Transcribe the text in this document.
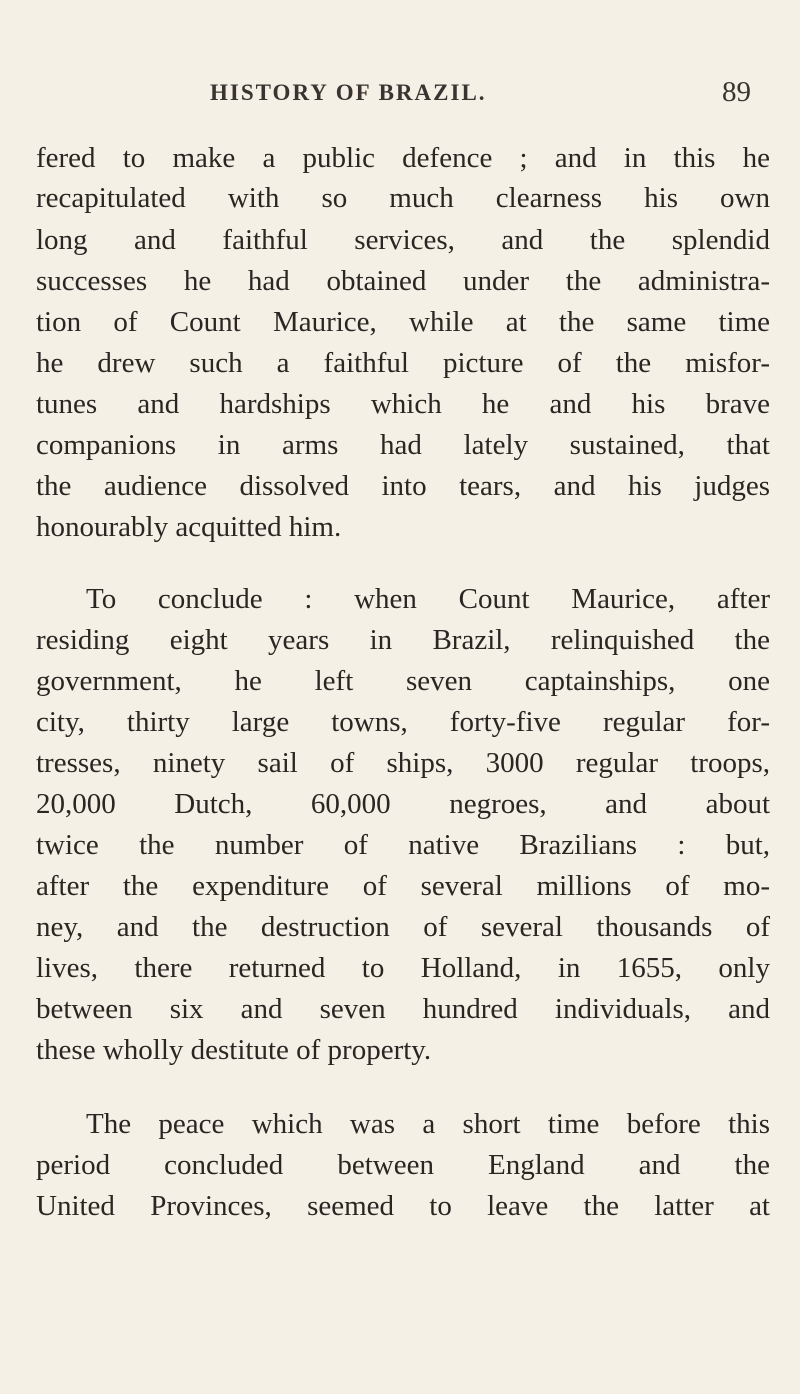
HISTORY OF BRAZIL.	89
fered to make a public defence ; and in this he
recapitulated with so much clearness his own
long and faithful services, and the splendid
successes he had obtained under the administra-
tion of Count Maurice, while at the same time
he drew such a faithful picture of the misfor-
tunes and hardships which he and his brave
companions in arms had lately sustained, that
the audience dissolved into tears, and his judges
honourably acquitted him.
To conclude : when Count Maurice, after
residing eight years in Brazil, relinquished the
government, he left seven captainships, one
city, thirty large towns, forty-five regular for-
tresses, ninety sail of ships, 3000 regular troops,
20,000 Dutch, 60,000 negroes, and about
twice the number of native Brazilians : but,
after the expenditure of several millions of mo-
ney, and the destruction of several thousands of
lives, there returned to Holland, in 1655, only
between six and seven hundred individuals, and
these wholly destitute of property.
The peace which was a short time before this
period concluded between England and the
United Provinces, seemed to leave the latter at
